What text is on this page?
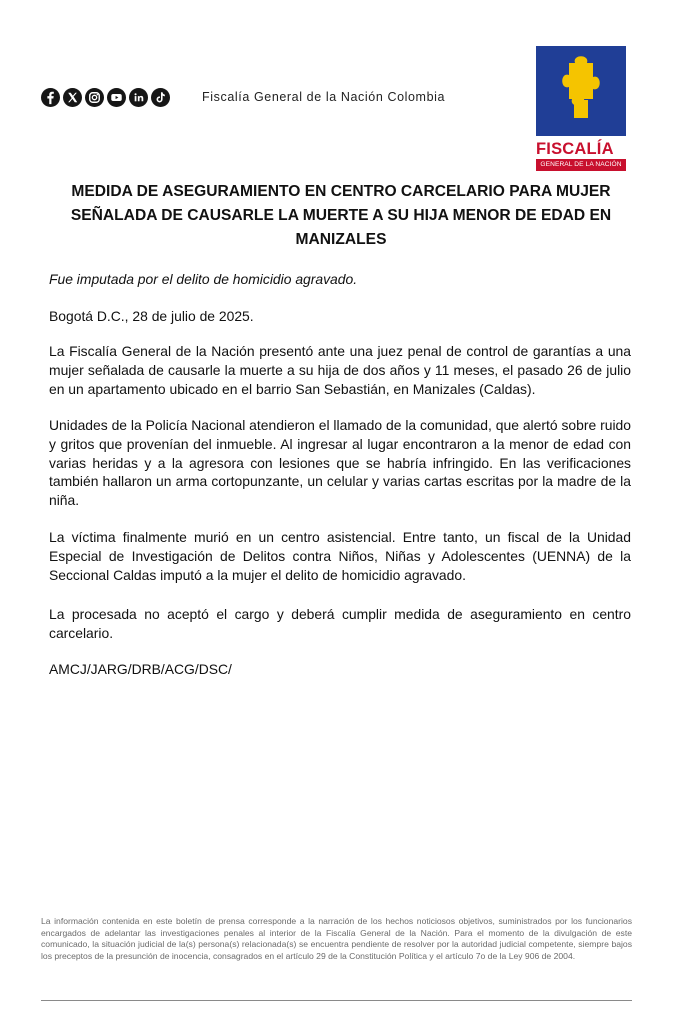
Fiscalía General de la Nación Colombia
FISCALÍA
GENERAL DE LA NACIÓN
MEDIDA DE ASEGURAMIENTO EN CENTRO CARCELARIO PARA MUJER SEÑALADA DE CAUSARLE LA MUERTE A SU HIJA MENOR DE EDAD EN MANIZALES
Fue imputada por el delito de homicidio agravado.
Bogotá D.C., 28 de julio de 2025.
La Fiscalía General de la Nación presentó ante una juez penal de control de garantías a una mujer señalada de causarle la muerte a su hija de dos años y 11 meses, el pasado 26 de julio en un apartamento ubicado en el barrio San Sebastián, en Manizales (Caldas).
Unidades de la Policía Nacional atendieron el llamado de la comunidad, que alertó sobre ruido y gritos que provenían del inmueble. Al ingresar al lugar encontraron a la menor de edad con varias heridas y a la agresora con lesiones que se habría infringido. En las verificaciones también hallaron un arma cortopunzante, un celular y varias cartas escritas por la madre de la niña.
La víctima finalmente murió en un centro asistencial. Entre tanto, un fiscal de la Unidad Especial de Investigación de Delitos contra Niños, Niñas y Adolescentes (UENNA) de la Seccional Caldas imputó a la mujer el delito de homicidio agravado.
La procesada no aceptó el cargo y deberá cumplir medida de aseguramiento en centro carcelario.
AMCJ/JARG/DRB/ACG/DSC/
La información contenida en este boletín de prensa corresponde a la narración de los hechos noticiosos objetivos, suministrados por los funcionarios encargados de adelantar las investigaciones penales al interior de la Fiscalía General de la Nación. Para el momento de la divulgación de este comunicado, la situación judicial de la(s) persona(s) relacionada(s) se encuentra pendiente de resolver por la autoridad judicial competente, siempre bajos los preceptos de la presunción de inocencia, consagrados en el artículo 29 de la Constitución Política y el artículo 7o de la Ley 906 de 2004.
